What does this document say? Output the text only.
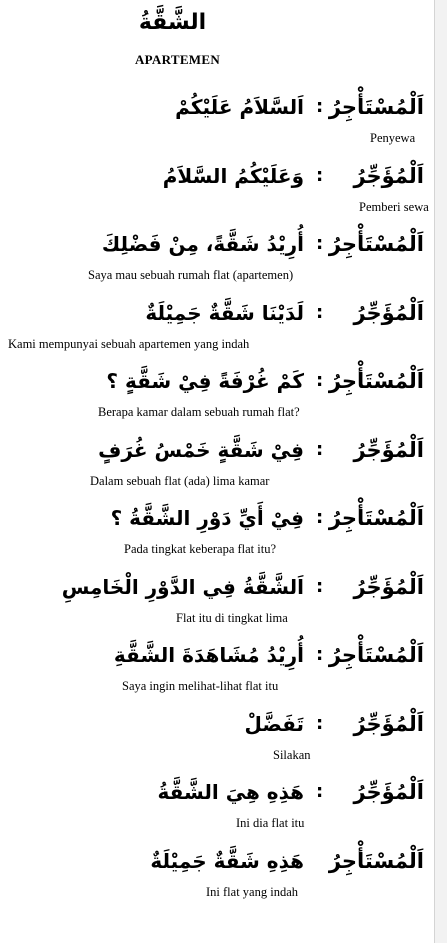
الشَّقَّةُ
APARTEMEN
اَلْمُسْتَأْجِرُ
:
اَلسَّلاَمُ عَلَيْكُمْ
Penyewa
اَلْمُؤَجِّرُ
:
وَعَلَيْكُمُ السَّلاَمُ
Pemberi sewa
اَلْمُسْتَأْجِرُ
:
أُرِيْدُ شَقَّةً، مِنْ فَضْلِكَ
Saya mau sebuah rumah flat (apartemen)
اَلْمُؤَجِّرُ
:
لَدَيْنَا شَقَّةٌ جَمِيْلَةٌ
Kami mempunyai sebuah apartemen yang indah
اَلْمُسْتَأْجِرُ
:
كَمْ غُرْفَةً فِيْ شَقَّةٍ ؟
Berapa kamar dalam sebuah rumah flat?
اَلْمُؤَجِّرُ
:
فِيْ شَقَّةٍ خَمْسُ غُرَفٍ
Dalam sebuah flat (ada) lima kamar
اَلْمُسْتَأْجِرُ
:
فِيْ أَيِّ دَوْرِ الشَّقَّةُ ؟
Pada tingkat keberapa flat itu?
اَلْمُؤَجِّرُ
:
اَلشَّقَّةُ فِي الدَّوْرِ الْخَامِسِ
Flat itu di tingkat lima
اَلْمُسْتَأْجِرُ
:
أُرِيْدُ مُشَاهَدَةَ الشَّقَّةِ
Saya ingin melihat-lihat flat itu
اَلْمُؤَجِّرُ
:
تَفَضَّلْ
Silakan
اَلْمُؤَجِّرُ
:
هَذِهِ هِيَ الشَّقَّةُ
Ini dia flat itu
اَلْمُسْتَأْجِرُ
هَذِهِ شَقَّةٌ جَمِيْلَةٌ
Ini flat yang indah
